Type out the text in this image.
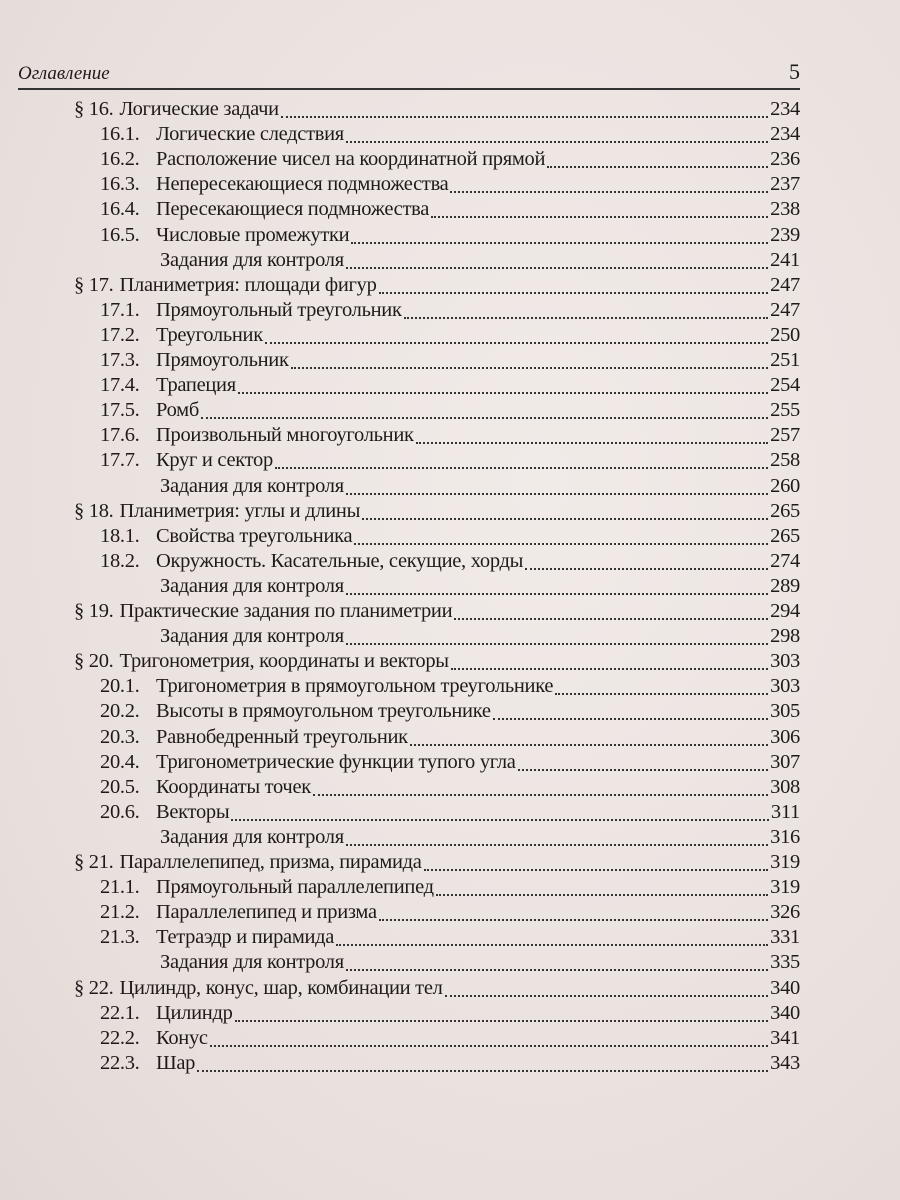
Оглавление	5
§ 16. Логические задачи	234
16.1. Логические следствия	234
16.2. Расположение чисел на координатной прямой	236
16.3. Непересекающиеся подмножества	237
16.4. Пересекающиеся подмножества	238
16.5. Числовые промежутки	239
Задания для контроля	241
§ 17. Планиметрия: площади фигур	247
17.1. Прямоугольный треугольник	247
17.2. Треугольник	250
17.3. Прямоугольник	251
17.4. Трапеция	254
17.5. Ромб	255
17.6. Произвольный многоугольник	257
17.7. Круг и сектор	258
Задания для контроля	260
§ 18. Планиметрия: углы и длины	265
18.1. Свойства треугольника	265
18.2. Окружность. Касательные, секущие, хорды	274
Задания для контроля	289
§ 19. Практические задания по планиметрии	294
Задания для контроля	298
§ 20. Тригонометрия, координаты и векторы	303
20.1. Тригонометрия в прямоугольном треугольнике	303
20.2. Высоты в прямоугольном треугольнике	305
20.3. Равнобедренный треугольник	306
20.4. Тригонометрические функции тупого угла	307
20.5. Координаты точек	308
20.6. Векторы	311
Задания для контроля	316
§ 21. Параллелепипед, призма, пирамида	319
21.1. Прямоугольный параллелепипед	319
21.2. Параллелепипед и призма	326
21.3. Тетраэдр и пирамида	331
Задания для контроля	335
§ 22. Цилиндр, конус, шар, комбинации тел	340
22.1. Цилиндр	340
22.2. Конус	341
22.3. Шар	343
